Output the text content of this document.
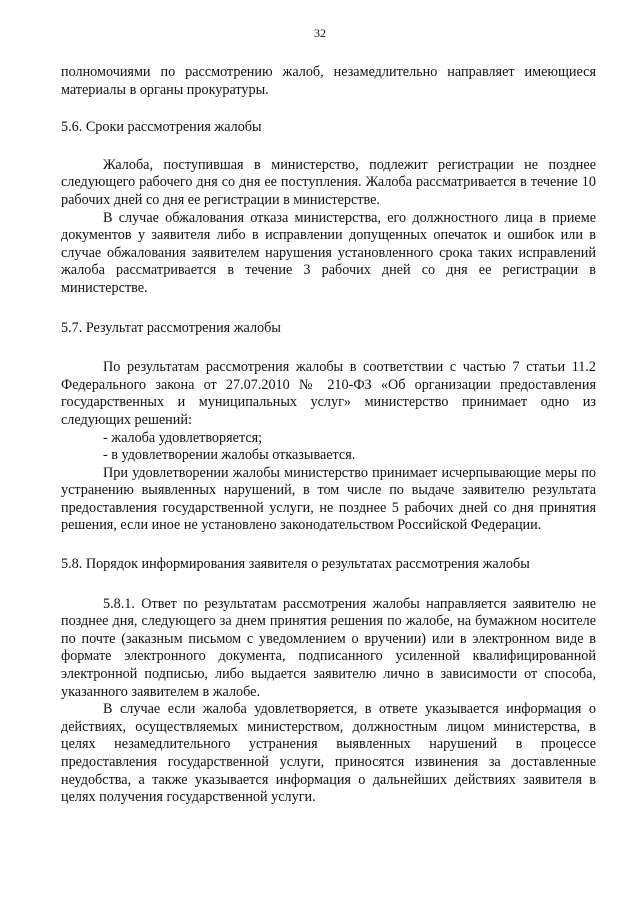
32

полномочиями по рассмотрению жалоб, незамедлительно направляет имеющиеся материалы в органы прокуратуры.

5.6. Сроки рассмотрения жалобы

Жалоба, поступившая в министерство, подлежит регистрации не позднее следующего рабочего дня со дня ее поступления. Жалоба рассматривается в течение 10 рабочих дней со дня ее регистрации в министерстве.

В случае обжалования отказа министерства, его должностного лица в приеме документов у заявителя либо в исправлении допущенных опечаток и ошибок или в случае обжалования заявителем нарушения установленного срока таких исправлений жалоба рассматривается в течение 3 рабочих дней со дня ее регистрации в министерстве.

5.7. Результат рассмотрения жалобы

По результатам рассмотрения жалобы в соответствии с частью 7 статьи 11.2 Федерального закона от 27.07.2010 № 210-ФЗ «Об организации предоставления государственных и муниципальных услуг» министерство принимает одно из следующих решений:

- жалоба удовлетворяется;

- в удовлетворении жалобы отказывается.

При удовлетворении жалобы министерство принимает исчерпывающие меры по устранению выявленных нарушений, в том числе по выдаче заявителю результата предоставления государственной услуги, не позднее 5 рабочих дней со дня принятия решения, если иное не установлено законодательством Российской Федерации.

5.8. Порядок информирования заявителя о результатах рассмотрения жалобы

5.8.1. Ответ по результатам рассмотрения жалобы направляется заявителю не позднее дня, следующего за днем принятия решения по жалобе, на бумажном носителе по почте (заказным письмом с уведомлением о вручении) или в электронном виде в формате электронного документа, подписанного усиленной квалифицированной электронной подписью, либо выдается заявителю лично в зависимости от способа, указанного заявителем в жалобе.

В случае если жалоба удовлетворяется, в ответе указывается информация о действиях, осуществляемых министерством, должностным лицом министерства, в целях незамедлительного устранения выявленных нарушений в процессе предоставления государственной услуги, приносятся извинения за доставленные неудобства, а также указывается информация о дальнейших действиях заявителя в целях получения государственной услуги.
